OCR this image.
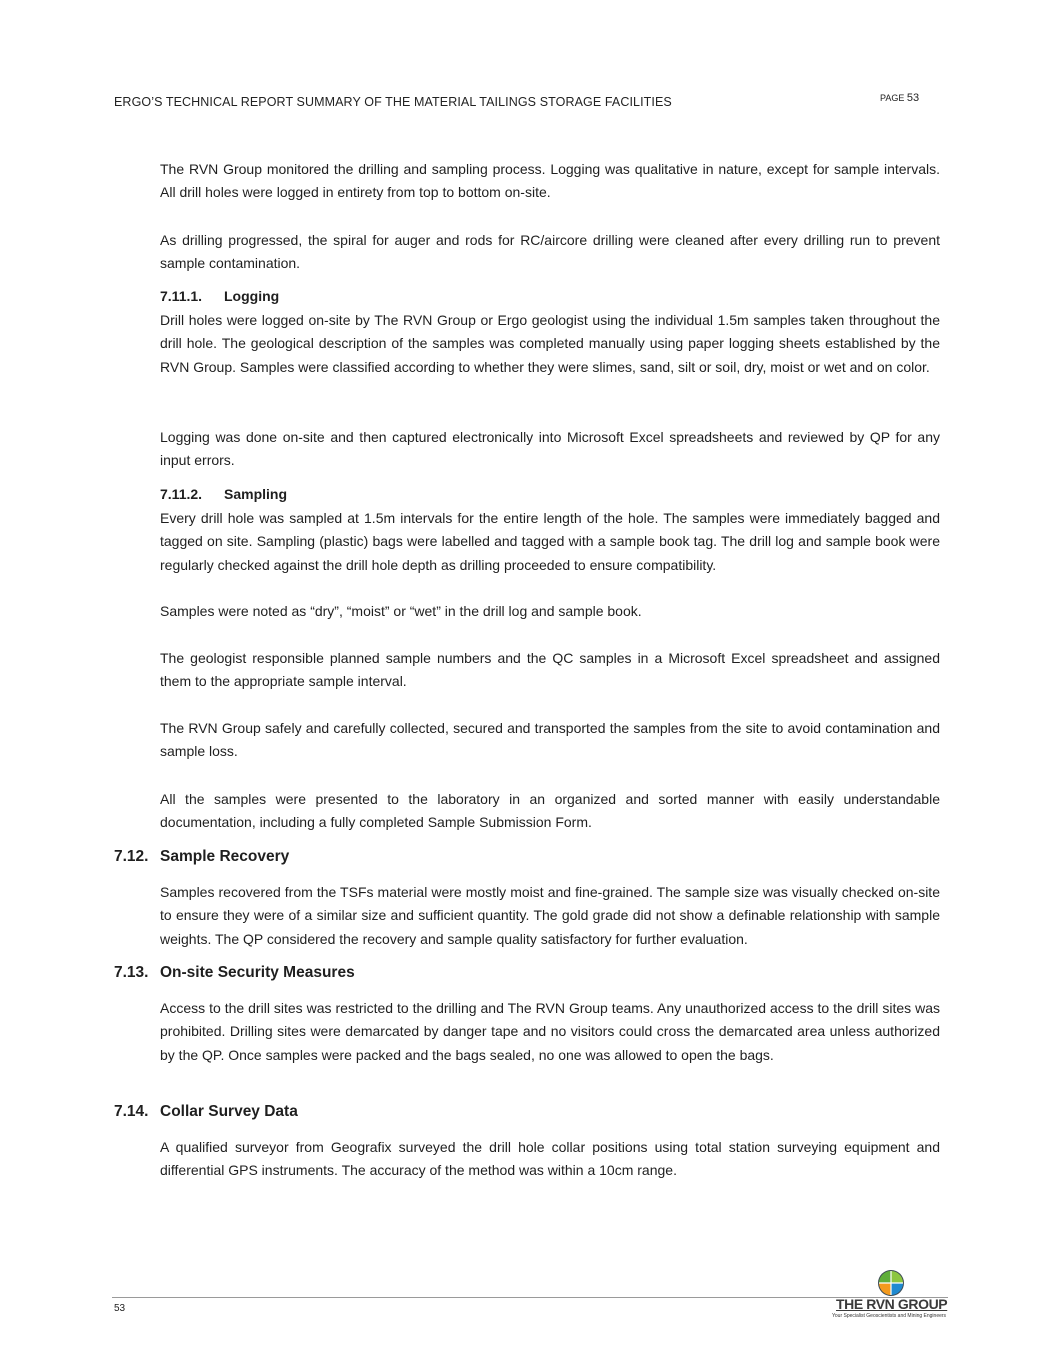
ERGO’S TECHNICAL REPORT SUMMARY OF THE MATERIAL TAILINGS STORAGE FACILITIES	PAGE 53
The RVN Group monitored the drilling and sampling process. Logging was qualitative in nature, except for sample intervals. All drill holes were logged in entirety from top to bottom on-site.
As drilling progressed, the spiral for auger and rods for RC/aircore drilling were cleaned after every drilling run to prevent sample contamination.
7.11.1. Logging
Drill holes were logged on-site by The RVN Group or Ergo geologist using the individual 1.5m samples taken throughout the drill hole. The geological description of the samples was completed manually using paper logging sheets established by the RVN Group. Samples were classified according to whether they were slimes, sand, silt or soil, dry, moist or wet and on color.
Logging was done on-site and then captured electronically into Microsoft Excel spreadsheets and reviewed by QP for any input errors.
7.11.2. Sampling
Every drill hole was sampled at 1.5m intervals for the entire length of the hole. The samples were immediately bagged and tagged on site. Sampling (plastic) bags were labelled and tagged with a sample book tag. The drill log and sample book were regularly checked against the drill hole depth as drilling proceeded to ensure compatibility.
Samples were noted as “dry”, “moist” or “wet” in the drill log and sample book.
The geologist responsible planned sample numbers and the QC samples in a Microsoft Excel spreadsheet and assigned them to the appropriate sample interval.
The RVN Group safely and carefully collected, secured and transported the samples from the site to avoid contamination and sample loss.
All the samples were presented to the laboratory in an organized and sorted manner with easily understandable documentation, including a fully completed Sample Submission Form.
7.12. Sample Recovery
Samples recovered from the TSFs material were mostly moist and fine-grained. The sample size was visually checked on-site to ensure they were of a similar size and sufficient quantity. The gold grade did not show a definable relationship with sample weights. The QP considered the recovery and sample quality satisfactory for further evaluation.
7.13. On-site Security Measures
Access to the drill sites was restricted to the drilling and The RVN Group teams. Any unauthorized access to the drill sites was prohibited. Drilling sites were demarcated by danger tape and no visitors could cross the demarcated area unless authorized by the QP. Once samples were packed and the bags sealed, no one was allowed to open the bags.
7.14. Collar Survey Data
A qualified surveyor from Geografix surveyed the drill hole collar positions using total station surveying equipment and differential GPS instruments. The accuracy of the method was within a 10cm range.
53	THE RVN GROUP
Your Specialist Geoscientists and Mining Engineers
